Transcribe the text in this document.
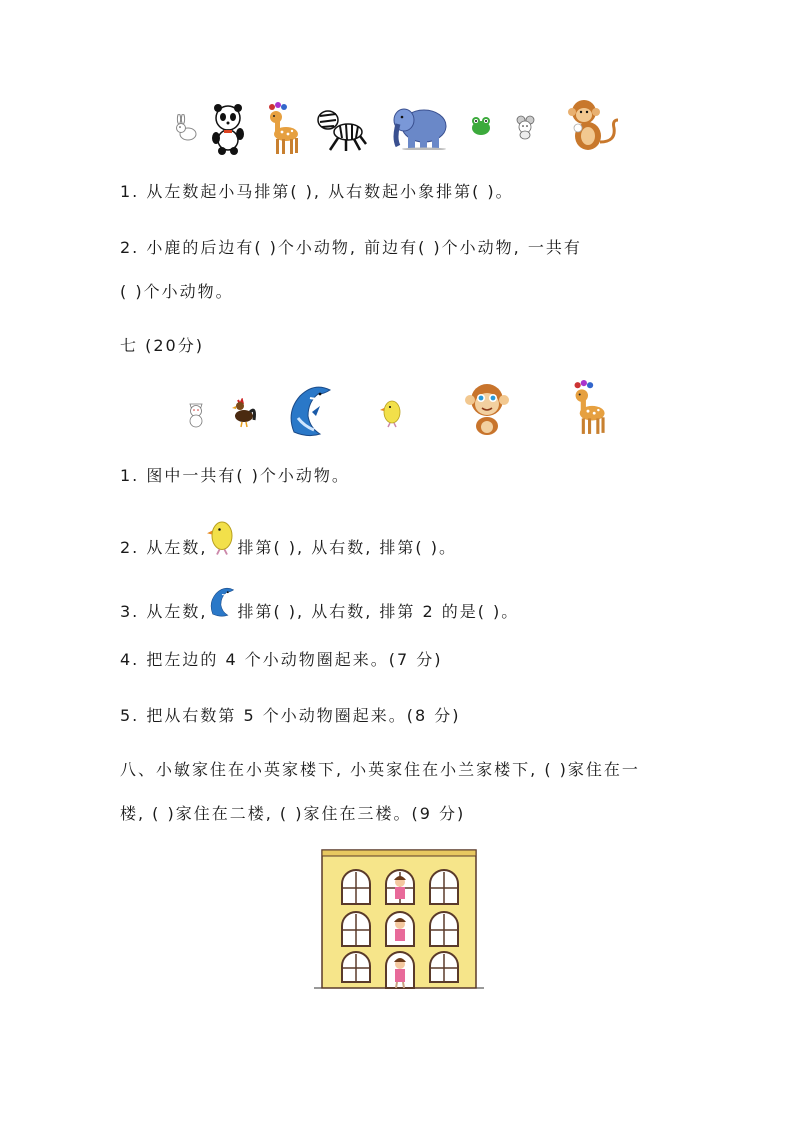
1. 从左数起小马排第( ), 从右数起小象排第( )。
2. 小鹿的后边有( )个小动物, 前边有( )个小动物, 一共有
( )个小动物。
七 (20分)
1. 图中一共有( )个小动物。
2. 从左数, 排第( ), 从右数, 排第( )。
3. 从左数, 排第( ), 从右数, 排第 2 的是( )。
4. 把左边的 4 个小动物圈起来。(7 分)
5. 把从右数第 5 个小动物圈起来。(8 分)
八、小敏家住在小英家楼下, 小英家住在小兰家楼下, ( )家住在一
楼, ( )家住在二楼, ( )家住在三楼。(9 分)
